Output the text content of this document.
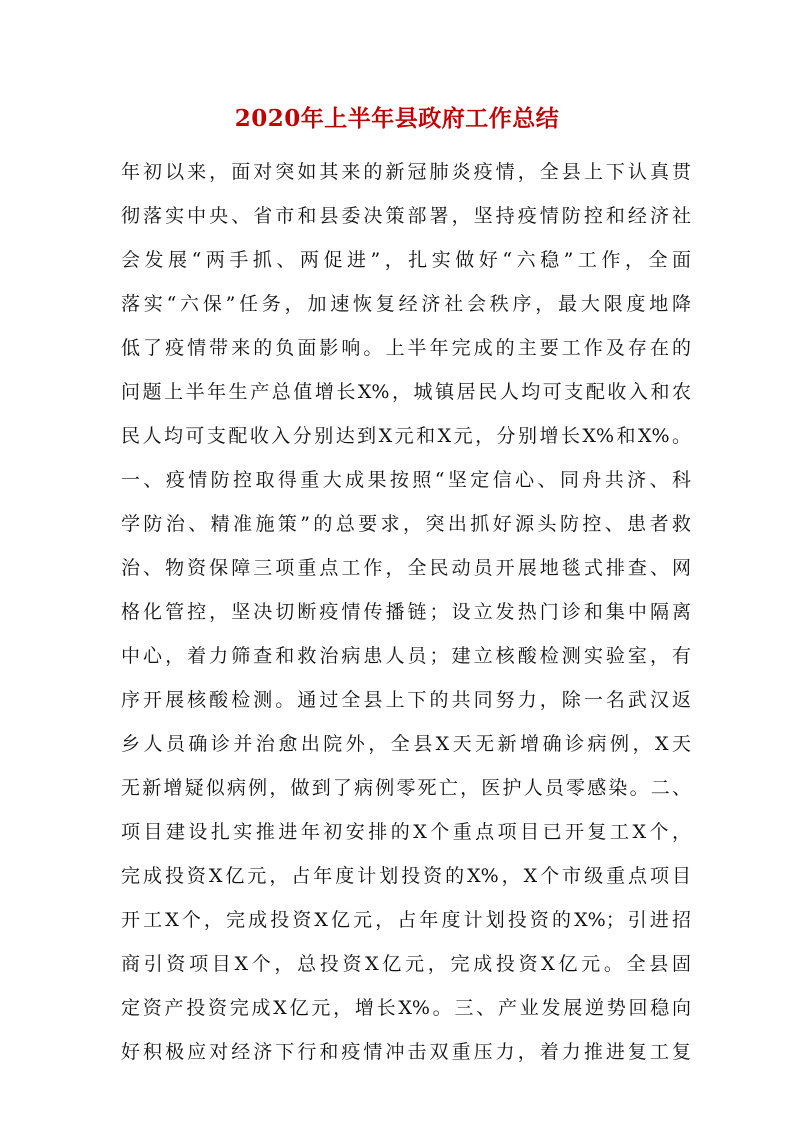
2020年上半年县政府工作总结
年初以来，面对突如其来的新冠肺炎疫情，全县上下认真贯
彻落实中央、省市和县委决策部署，坚持疫情防控和经济社
会发展“两手抓、两促进”，扎实做好“六稳”工作，全面
落实“六保”任务，加速恢复经济社会秩序，最大限度地降
低了疫情带来的负面影响。上半年完成的主要工作及存在的
问题上半年生产总值增长X%，城镇居民人均可支配收入和农
民人均可支配收入分别达到X元和X元，分别增长X%和X%。
一、疫情防控取得重大成果按照“坚定信心、同舟共济、科
学防治、精准施策”的总要求，突出抓好源头防控、患者救
治、物资保障三项重点工作，全民动员开展地毯式排查、网
格化管控，坚决切断疫情传播链；设立发热门诊和集中隔离
中心，着力筛查和救治病患人员；建立核酸检测实验室，有
序开展核酸检测。通过全县上下的共同努力，除一名武汉返
乡人员确诊并治愈出院外，全县X天无新增确诊病例，X天
无新增疑似病例，做到了病例零死亡，医护人员零感染。二、
项目建设扎实推进年初安排的X个重点项目已开复工X个，
完成投资X亿元，占年度计划投资的X%，X个市级重点项目
开工X个，完成投资X亿元，占年度计划投资的X%；引进招
商引资项目X个，总投资X亿元，完成投资X亿元。全县固
定资产投资完成X亿元，增长X%。三、产业发展逆势回稳向
好积极应对经济下行和疫情冲击双重压力，着力推进复工复
